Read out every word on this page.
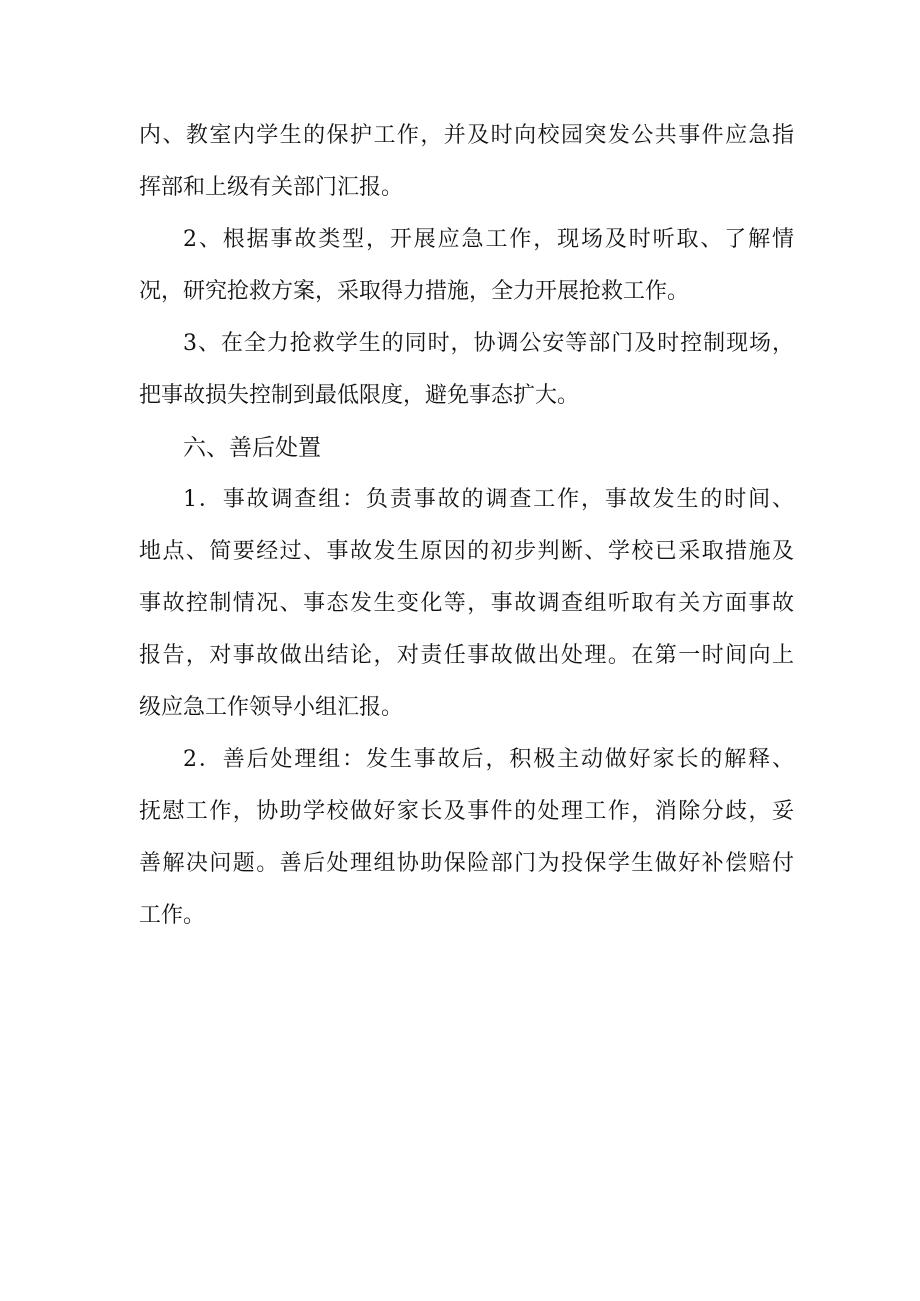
内、教室内学生的保护工作，并及时向校园突发公共事件应急指
挥部和上级有关部门汇报。
2、根据事故类型，开展应急工作，现场及时听取、了解情
况，研究抢救方案，采取得力措施，全力开展抢救工作。
3、在全力抢救学生的同时，协调公安等部门及时控制现场，
把事故损失控制到最低限度，避免事态扩大。
六、善后处置
1．事故调查组：负责事故的调查工作，事故发生的时间、
地点、简要经过、事故发生原因的初步判断、学校已采取措施及
事故控制情况、事态发生变化等，事故调查组听取有关方面事故
报告，对事故做出结论，对责任事故做出处理。在第一时间向上
级应急工作领导小组汇报。
2．善后处理组：发生事故后，积极主动做好家长的解释、
抚慰工作，协助学校做好家长及事件的处理工作，消除分歧，妥
善解决问题。善后处理组协助保险部门为投保学生做好补偿赔付
工作。
